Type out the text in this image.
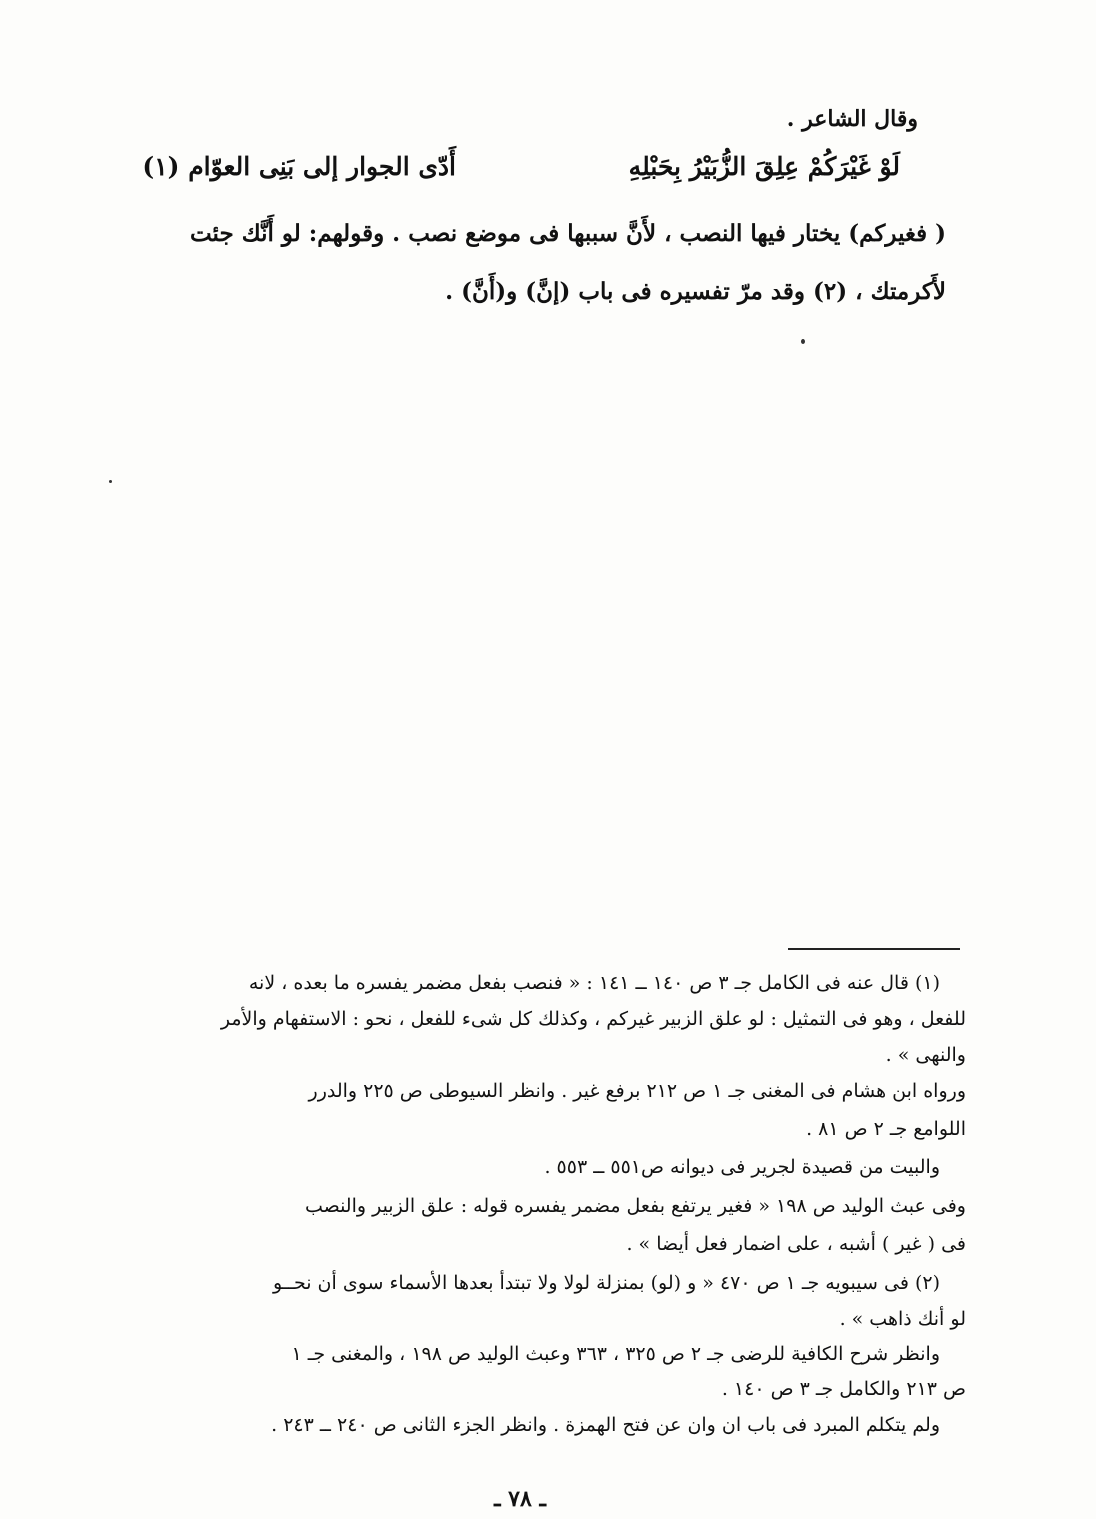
وقال الشاعر .
لَوْ غَيْرَكُمْ عِلِقَ الزُّبَيْرُ بِحَبْلِهِ
أَدّى الجوار إلى بَنِى العوّام (١)
( فغيركم) يختار فيها النصب ، لأَنَّ سببها فى موضع نصب . وقولهم: لو أَنَّك جئت
لأَكرمتك ، (٢) وقد مرّ تفسيره فى باب (إنَّ) و(أَنَّ) .
(١) قال عنه فى الكامل جـ ٣ ص ١٤٠ ــ ١٤١ : « فنصب بفعل مضمر يفسره ما بعده ، لانه
للفعل ، وهو فى التمثيل : لو علق الزبير غيركم ، وكذلك كل شىء للفعل ، نحو : الاستفهام والأمر
والنهى » .
ورواه ابن هشام فى المغنى جـ ١ ص ٢١٢ برفع غير . وانظر السيوطى ص ٢٢٥ والدرر
اللوامع جـ ٢ ص ٨١ .
والبيت من قصيدة لجرير فى ديوانه ص٥٥١ ــ ٥٥٣ .
وفى عبث الوليد ص ١٩٨ « فغير يرتفع بفعل مضمر يفسره قوله : علق الزبير والنصب
فى ( غير ) أشبه ، على اضمار فعل أيضا » .
(٢) فى سيبويه جـ ١ ص ٤٧٠ « و (لو) بمنزلة لولا ولا تبتدأ بعدها الأسماء سوى أن نحــو
لو أنك ذاهب » .
وانظر شرح الكافية للرضى جـ ٢ ص ٣٢٥ ، ٣٦٣ وعبث الوليد ص ١٩٨ ، والمغنى جـ ١
ص ٢١٣ والكامل جـ ٣ ص ١٤٠ .
ولم يتكلم المبرد فى باب ان وان عن فتح الهمزة . وانظر الجزء الثانى ص ٢٤٠ ــ ٢٤٣ .
ـ ٧٨ ـ
